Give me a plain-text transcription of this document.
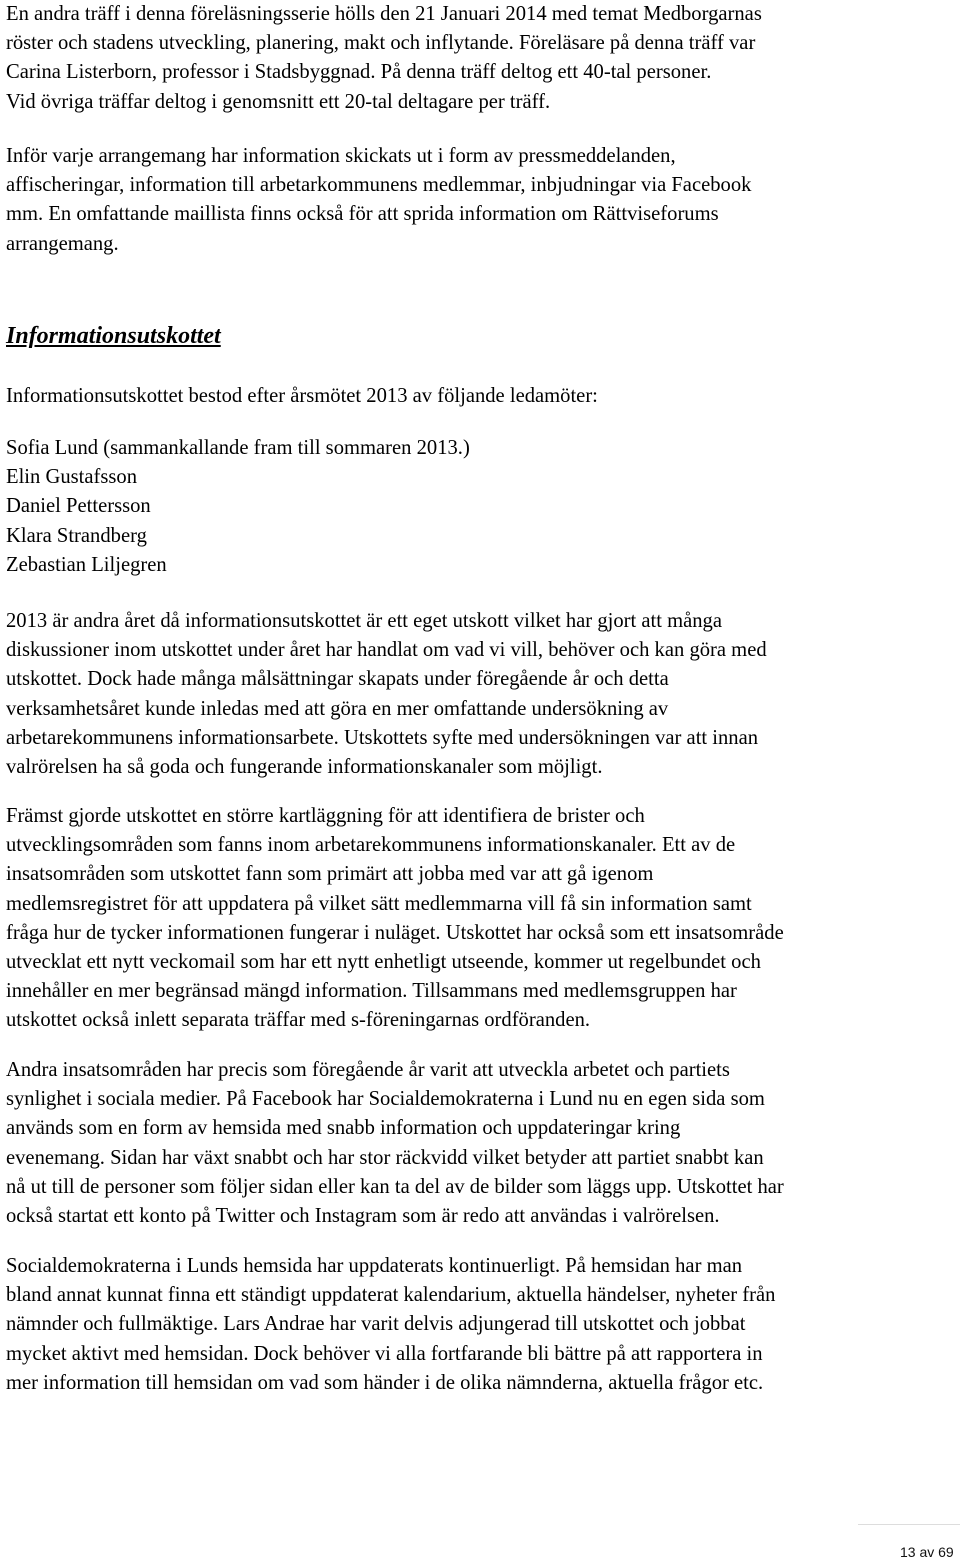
En andra träff i denna föreläsningsserie hölls den 21 Januari 2014 med temat Medborgarnas
röster och stadens utveckling, planering, makt och inflytande. Föreläsare på denna träff var
Carina Listerborn, professor i Stadsbyggnad. På denna träff deltog ett 40-tal personer.
Vid övriga träffar deltog i genomsnitt ett 20-tal deltagare per träff.

Inför varje arrangemang har information skickats ut i form av pressmeddelanden,
affischeringar, information till arbetarkommunens medlemmar, inbjudningar via Facebook
mm. En omfattande maillista finns också för att sprida information om Rättviseforums
arrangemang.

Informationsutskottet

Informationsutskottet bestod efter årsmötet 2013 av följande ledamöter:

Sofia Lund (sammankallande fram till sommaren 2013.)
Elin Gustafsson
Daniel Pettersson
Klara Strandberg
Zebastian Liljegren

2013 är andra året då informationsutskottet är ett eget utskott vilket har gjort att många
diskussioner inom utskottet under året har handlat om vad vi vill, behöver och kan göra med
utskottet. Dock hade många målsättningar skapats under föregående år och detta
verksamhetsåret kunde inledas med att göra en mer omfattande undersökning av
arbetarekommunens informationsarbete. Utskottets syfte med undersökningen var att innan
valrörelsen ha så goda och fungerande informationskanaler som möjligt.

Främst gjorde utskottet en större kartläggning för att identifiera de brister och
utvecklingsområden som fanns inom arbetarekommunens informationskanaler. Ett av de
insatsområden som utskottet fann som primärt att jobba med var att gå igenom
medlemsregistret för att uppdatera på vilket sätt medlemmarna vill få sin information samt
fråga hur de tycker informationen fungerar i nuläget. Utskottet har också som ett insatsområde
utvecklat ett nytt veckomail som har ett nytt enhetligt utseende, kommer ut regelbundet och
innehåller en mer begränsad mängd information. Tillsammans med medlemsgruppen har
utskottet också inlett separata träffar med s-föreningarnas ordföranden.

Andra insatsområden har precis som föregående år varit att utveckla arbetet och partiets
synlighet i sociala medier. På Facebook har Socialdemokraterna i Lund nu en egen sida som
används som en form av hemsida med snabb information och uppdateringar kring
evenemang. Sidan har växt snabbt och har stor räckvidd vilket betyder att partiet snabbt kan
nå ut till de personer som följer sidan eller kan ta del av de bilder som läggs upp. Utskottet har
också startat ett konto på Twitter och Instagram som är redo att användas i valrörelsen.

Socialdemokraterna i Lunds hemsida har uppdaterats kontinuerligt. På hemsidan har man
bland annat kunnat finna ett ständigt uppdaterat kalendarium, aktuella händelser, nyheter från
nämnder och fullmäktige. Lars Andrae har varit delvis adjungerad till utskottet och jobbat
mycket aktivt med hemsidan. Dock behöver vi alla fortfarande bli bättre på att rapportera in
mer information till hemsidan om vad som händer i de olika nämnderna, aktuella frågor etc.

13 av 69
